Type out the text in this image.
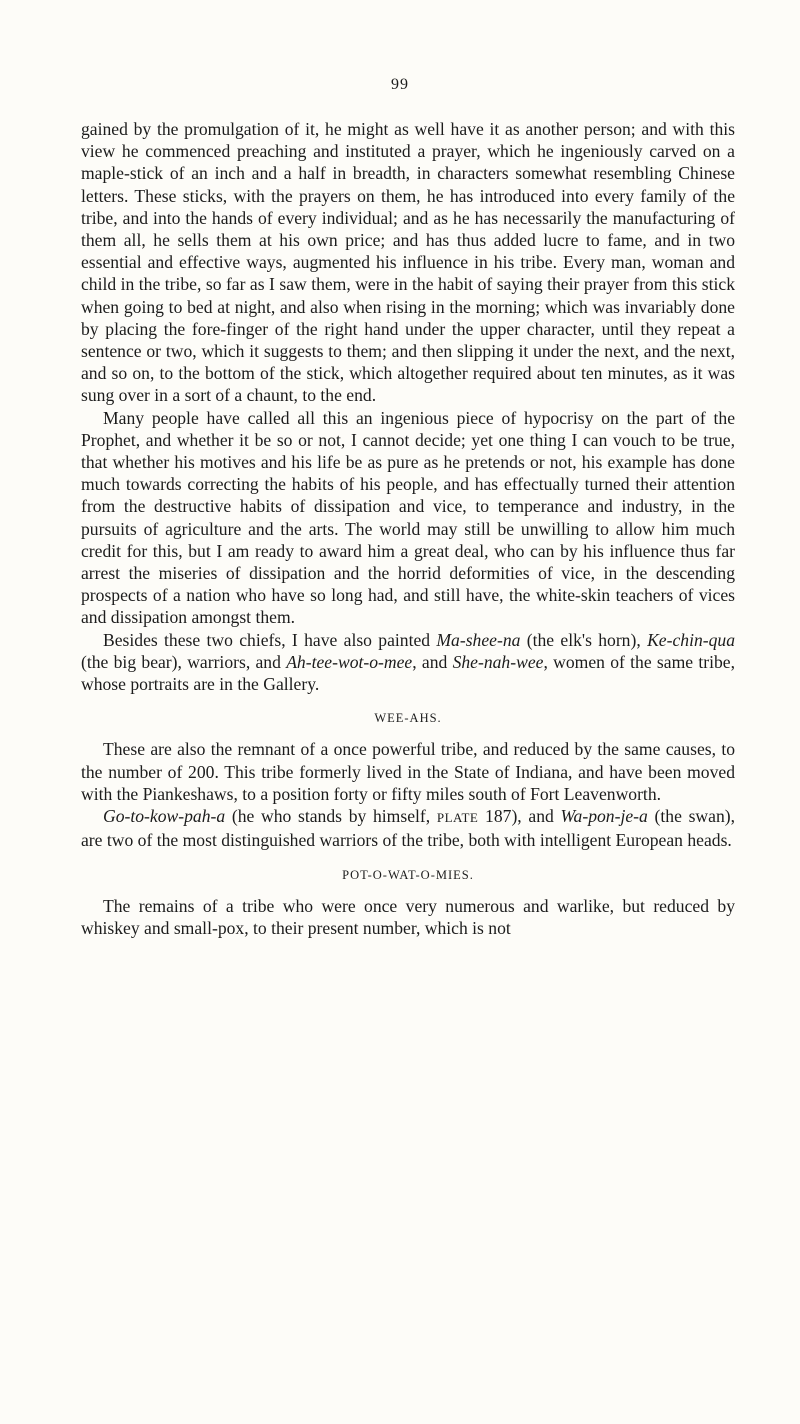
99

gained by the promulgation of it, he might as well have it as another person; and with this view he commenced preaching and instituted a prayer, which he ingeniously carved on a maple-stick of an inch and a half in breadth, in characters somewhat resembling Chinese letters. These sticks, with the prayers on them, he has introduced into every family of the tribe, and into the hands of every individual; and as he has necessarily the manufacturing of them all, he sells them at his own price; and has thus added lucre to fame, and in two essential and effective ways, augmented his influence in his tribe. Every man, woman and child in the tribe, so far as I saw them, were in the habit of saying their prayer from this stick when going to bed at night, and also when rising in the morning; which was invariably done by placing the fore-finger of the right hand under the upper character, until they repeat a sentence or two, which it suggests to them; and then slipping it under the next, and the next, and so on, to the bottom of the stick, which altogether required about ten minutes, as it was sung over in a sort of a chaunt, to the end.

Many people have called all this an ingenious piece of hypocrisy on the part of the Prophet, and whether it be so or not, I cannot decide; yet one thing I can vouch to be true, that whether his motives and his life be as pure as he pretends or not, his example has done much towards correcting the habits of his people, and has effectually turned their attention from the destructive habits of dissipation and vice, to temperance and industry, in the pursuits of agriculture and the arts. The world may still be unwilling to allow him much credit for this, but I am ready to award him a great deal, who can by his influence thus far arrest the miseries of dissipation and the horrid deformities of vice, in the descending prospects of a nation who have so long had, and still have, the white-skin teachers of vices and dissipation amongst them.

Besides these two chiefs, I have also painted Ma-shee-na (the elk's horn), Ke-chin-qua (the big bear), warriors, and Ah-tee-wot-o-mee, and She-nah-wee, women of the same tribe, whose portraits are in the Gallery.

WEE-AHS.

These are also the remnant of a once powerful tribe, and reduced by the same causes, to the number of 200. This tribe formerly lived in the State of Indiana, and have been moved with the Piankeshaws, to a position forty or fifty miles south of Fort Leavenworth.

Go-to-kow-pah-a (he who stands by himself, PLATE 187), and Wa-pon-je-a (the swan), are two of the most distinguished warriors of the tribe, both with intelligent European heads.

POT-O-WAT-O-MIES.

The remains of a tribe who were once very numerous and warlike, but reduced by whiskey and small-pox, to their present number, which is not
